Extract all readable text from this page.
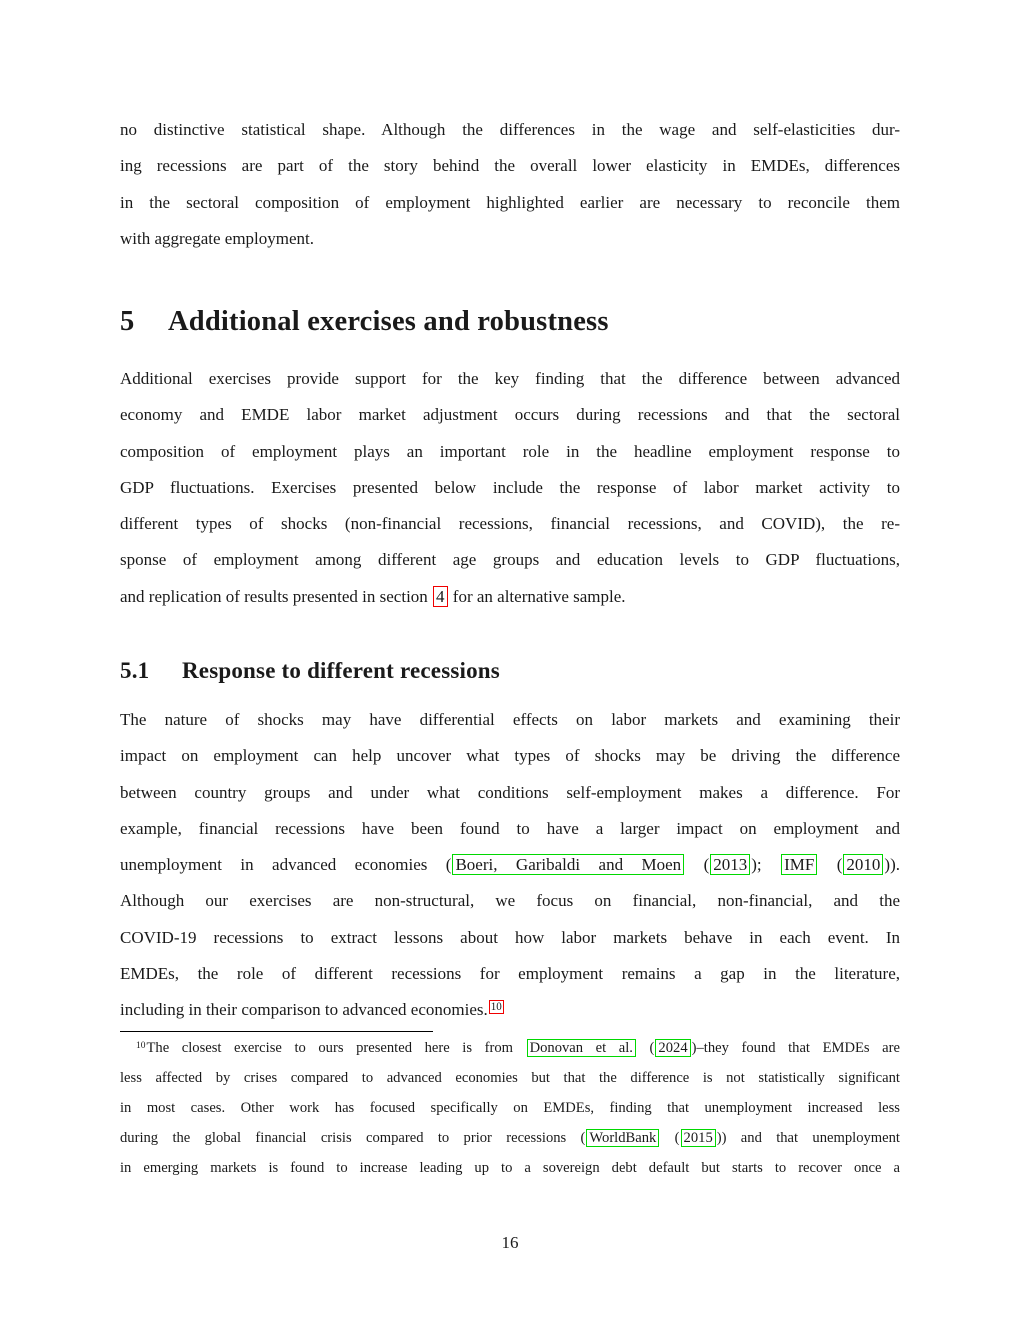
no distinctive statistical shape. Although the differences in the wage and self-elasticities dur-
ing recessions are part of the story behind the overall lower elasticity in EMDEs, differences
in the sectoral composition of employment highlighted earlier are necessary to reconcile them
with aggregate employment.
5 Additional exercises and robustness
Additional exercises provide support for the key finding that the difference between advanced
economy and EMDE labor market adjustment occurs during recessions and that the sectoral
composition of employment plays an important role in the headline employment response to
GDP fluctuations. Exercises presented below include the response of labor market activity to
different types of shocks (non-financial recessions, financial recessions, and COVID), the re-
sponse of employment among different age groups and education levels to GDP fluctuations,
and replication of results presented in section 4 for an alternative sample.
5.1 Response to different recessions
The nature of shocks may have differential effects on labor markets and examining their
impact on employment can help uncover what types of shocks may be driving the difference
between country groups and under what conditions self-employment makes a difference. For
example, financial recessions have been found to have a larger impact on employment and
unemployment in advanced economies ( Boeri, Garibaldi and Moen ( 2013 ); IMF ( 2010 )).
Although our exercises are non-structural, we focus on financial, non-financial, and the
COVID-19 recessions to extract lessons about how labor markets behave in each event. In
EMDEs, the role of different recessions for employment remains a gap in the literature,
including in their comparison to advanced economies. $^{10}$
$^{10}$The closest exercise to ours presented here is from Donovan et al. ( 2024 )–they found that EMDEs are
less affected by crises compared to advanced economies but that the difference is not statistically significant
in most cases. Other work has focused specifically on EMDEs, finding that unemployment increased less
during the global financial crisis compared to prior recessions ( WorldBank ( 2015 )) and that unemployment
in emerging markets is found to increase leading up to a sovereign debt default but starts to recover once a
16
